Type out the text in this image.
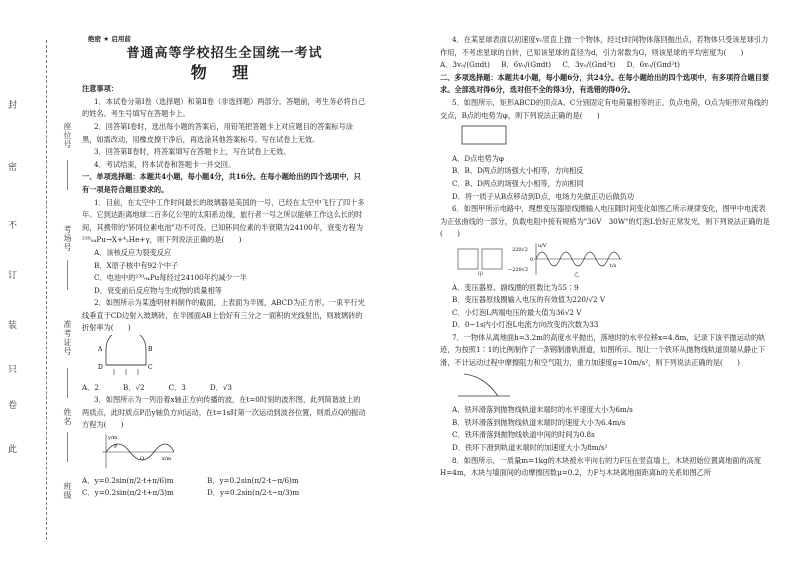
封
密
不
订
装
只
卷
此
座位号
考场号
准考证号
姓名
班级
绝密 ★ 启用前
普通高等学校招生全国统一考试
物 理

注意事项：

1．本试卷分第Ⅰ卷（选择题）和第Ⅱ卷（非选择题）两部分。答题前，考生务必将自己的姓名、考生号填写在答题卡上。

2．回答第Ⅰ卷时，选出每小题的答案后，用铅笔把答题卡上对应题目的答案标号涂黑，如需改动，用橡皮擦干净后，再选涂其他答案标号。写在试卷上无效。

3．回答第Ⅱ卷时，将答案填写在答题卡上，写在试卷上无效。

4．考试结束，将本试卷和答题卡一并交回。

一、单项选择题：本题共4小题，每小题4分，共16分。在每小题给出的四个选项中，只有一项是符合题目要求的。

1．目前，在太空中工作时间最长的玻璃器是美国的一号，已经在太空中飞行了四十多年。它到达距离地球二百多亿公里的太阳系边缘，旅行者一号之所以能够工作这么长的时间，其携带的"钚同位素电池"功不可没。已知钚同位素的半衰期为24100年，衰变方程为²³⁹₉₄Pu→X+⁴₂He+γ，则下列说法正确的是(　　)

A．该核反应为裂变反应

B．X原子核中有92个中子

C．电池中的²³⁹₉₄Pu每经过24100年约减少一半

D．衰变前后反应物与生成物的质量相等

2．如图所示为某透明材料制作的截面，上表面为半圆，ABCD为正方形，一束平行光线垂直于CD边射入玻璃砖，在半圆面AB上恰好有三分之一面积的光线射出，则玻璃砖的折射率为(　　)

A	B
D	C
A．2	B．√2	C．3	D．√3

3．如图所示为一列沿着x轴正方向传播的波，在t=0时刻的波形图，此列简谐波上的两质点，此时质点P沿y轴负方向运动，在t=1s时第一次运动到波谷位置，则质点Q的振动方程为(　　)

y/m
x/m
P
Q
A．y=0.2sin(π/2·t+π/6)m	B．y=0.2sin(π/2·t−π/6)m
C．y=0.2sin(π/2·t+π/3)m	D．y=0.2sin(π/2·t−π/3)m

4．在某星球表面以初速度v₀竖直上抛一个物体，经过t时间物体落回抛出点，若物体只受该星球引力作用，不考虑星球的自转，已知该星球的直径为d，引力常数为G，则该星球的平均密度为(　　)

A．3v₀/(Gπdt) B．6v₀/(Gπdt) C．3v₀/(Gπd²t) D．6v₀/(Gπd²t)

二、多项选择题：本题共4小题，每小题6分，共24分。在每小题给出的四个选项中，有多项符合题目要求。全部选对得6分，选对但不全的得3分，有选错的得0分。

5．如图所示，矩形ABCD的顶点A、C分别固定有电荷量相等的正、负点电荷，O点为矩形对角线的交点，B点的电势为φ，则下列说法正确的是(　　)

A．D点电势为φ

B．B、D两点的场强大小相等，方向相反

C．B、D两点的场强大小相等，方向相同

D．将一质子从B点移动到D点，电场力先做正功后做负功

6．如图甲所示电路中，理想变压器原线圈输入电压随时间变化如图乙所示规律变化，图甲中电流表为正弦曲线的一部分，负载电阻中接有规格为"36V　30W"的灯泡L恰好正常发光，则下列说法正确的是(　　)

u/V
220√2
0
−220√2
t/s
甲	乙

A．变压器原、副线圈的匝数比为55∶9

B．变压器原线圈输入电压的有效值为220/√2 V

C．小灯泡L两端电压的最大值为36√2 V

D．0~1s内小灯泡L电流方向改变的次数为33

7．一物体从离地面h=3.2m的高度水平抛出，落地时的水平位移x=4.8m，记录下该平抛运动的轨迹，为按照1∶1的比例制作了一条钢制滑轨滑道，如图所示。现让一个铁环从抛物线轨道顶端从静止下滑，不计运动过程中摩擦阻力和空气阻力，重力加速度g=10m/s²，则下列说法正确的是(　　)

A．铁环滑落到抛物线轨道末端时的水平速度大小为6m/s

B．铁环滑落到抛物线轨道末端时的速度大小为6.4m/s

C．铁环滑落到抛物线轨道中间的时间为0.8s

D．铁环下滑到轨道末端时的加速度大小为8m/s²

8．如图所示，一质量m=1kg的木块被水平向右的力F压在竖直墙上，木块初始位置离地面的高度H=4m，木块与墙面间的动摩擦因数μ=0.2，力F与木块离地面距离h的关系如图乙所
